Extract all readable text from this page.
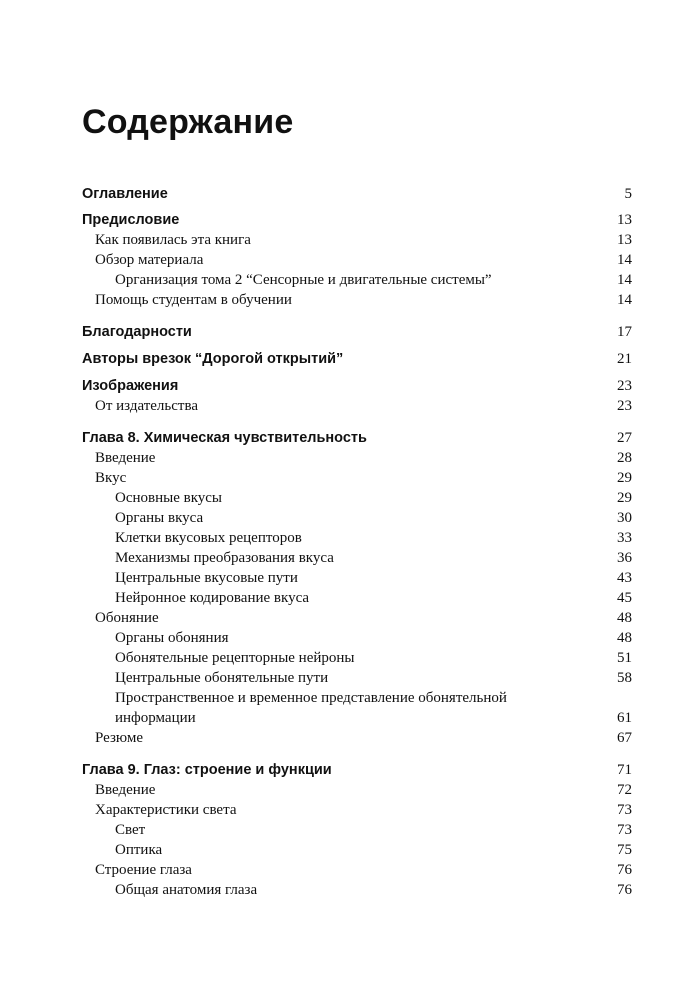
Содержание
Оглавление	5
Предисловие	13
Как появилась эта книга	13
Обзор материала	14
Организация тома 2 “Сенсорные и двигательные системы”	14
Помощь студентам в обучении	14
Благодарности	17
Авторы врезок “Дорогой открытий”	21
Изображения	23
От издательства	23
Глава 8. Химическая чувствительность	27
Введение	28
Вкус	29
Основные вкусы	29
Органы вкуса	30
Клетки вкусовых рецепторов	33
Механизмы преобразования вкуса	36
Центральные вкусовые пути	43
Нейронное кодирование вкуса	45
Обоняние	48
Органы обоняния	48
Обонятельные рецепторные нейроны	51
Центральные обонятельные пути	58
Пространственное и временное представление обонятельной информации	61
Резюме	67
Глава 9. Глаз: строение и функции	71
Введение	72
Характеристики света	73
Свет	73
Оптика	75
Строение глаза	76
Общая анатомия глаза	76
